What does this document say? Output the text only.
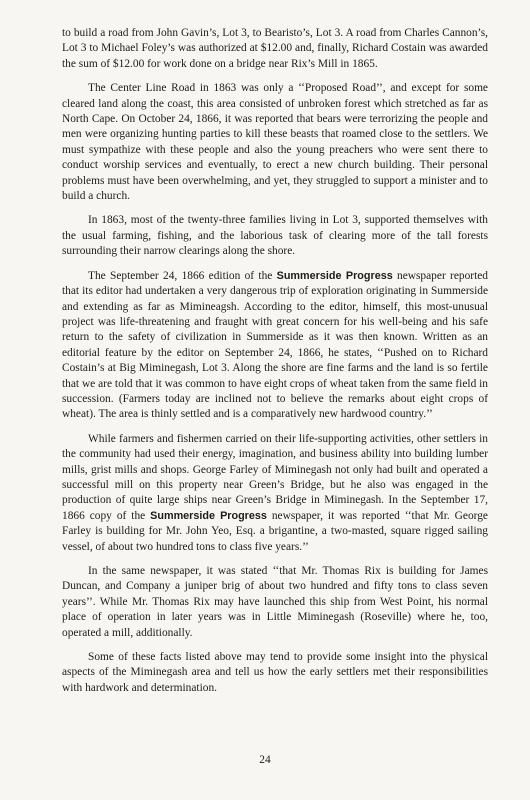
to build a road from John Gavin’s, Lot 3, to Bearisto’s, Lot 3. A road from Charles Cannon’s, Lot 3 to Michael Foley’s was authorized at $12.00 and, finally, Richard Costain was awarded the sum of $12.00 for work done on a bridge near Rix’s Mill in 1865.

The Center Line Road in 1863 was only a ‘‘Proposed Road’’, and except for some cleared land along the coast, this area consisted of unbroken forest which stretched as far as North Cape. On October 24, 1866, it was reported that bears were terrorizing the people and men were organizing hunting parties to kill these beasts that roamed close to the settlers. We must sympathize with these people and also the young preachers who were sent there to conduct worship services and eventually, to erect a new church building. Their personal problems must have been overwhelming, and yet, they struggled to support a minister and to build a church.

In 1863, most of the twenty-three families living in Lot 3, supported themselves with the usual farming, fishing, and the laborious task of clearing more of the tall forests surrounding their narrow clearings along the shore.

The September 24, 1866 edition of the Summerside Progress newspaper reported that its editor had undertaken a very dangerous trip of exploration originating in Summerside and extending as far as Mimineagsh. According to the editor, himself, this most-unusual project was life-threatening and fraught with great concern for his well-being and his safe return to the safety of civilization in Summerside as it was then known. Written as an editorial feature by the editor on September 24, 1866, he states, ‘‘Pushed on to Richard Costain’s at Big Miminegash, Lot 3. Along the shore are fine farms and the land is so fertile that we are told that it was common to have eight crops of wheat taken from the same field in succession. (Farmers today are inclined not to believe the remarks about eight crops of wheat). The area is thinly settled and is a comparatively new hardwood country.’’

While farmers and fishermen carried on their life-supporting activities, other settlers in the community had used their energy, imagination, and business ability into building lumber mills, grist mills and shops. George Farley of Miminegash not only had built and operated a successful mill on this property near Green’s Bridge, but he also was engaged in the production of quite large ships near Green’s Bridge in Miminegash. In the September 17, 1866 copy of the Summerside Progress newspaper, it was reported ‘‘that Mr. George Farley is building for Mr. John Yeo, Esq. a brigantine, a two-masted, square rigged sailing vessel, of about two hundred tons to class five years.’’

In the same newspaper, it was stated ‘‘that Mr. Thomas Rix is building for James Duncan, and Company a juniper brig of about two hundred and fifty tons to class seven years’’. While Mr. Thomas Rix may have launched this ship from West Point, his normal place of operation in later years was in Little Miminegash (Roseville) where he, too, operated a mill, additionally.

Some of these facts listed above may tend to provide some insight into the physical aspects of the Miminegash area and tell us how the early settlers met their responsibilities with hardwork and determination.

24
